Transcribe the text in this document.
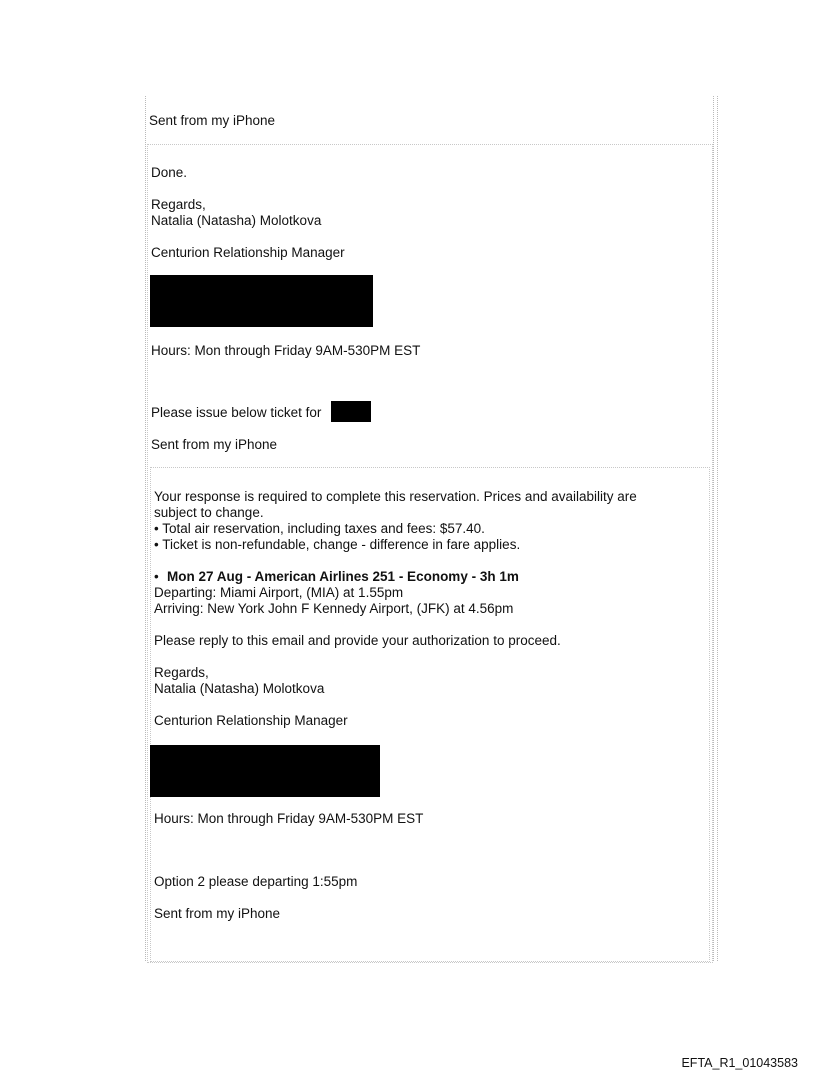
Sent from my iPhone
Done.
Regards,
Natalia (Natasha) Molotkova
Centurion Relationship Manager
Hours: Mon through Friday 9AM-530PM EST
Please issue below ticket for
Sent from my iPhone
Your response is required to complete this reservation. Prices and availability are
subject to change.
• Total air reservation, including taxes and fees: $57.40.
• Ticket is non-refundable, change - difference in fare applies.
• Mon 27 Aug - American Airlines 251 - Economy - 3h 1m
Departing: Miami Airport, (MIA) at 1.55pm
Arriving: New York John F Kennedy Airport, (JFK) at 4.56pm
Please reply to this email and provide your authorization to proceed.
Regards,
Natalia (Natasha) Molotkova
Centurion Relationship Manager
Hours: Mon through Friday 9AM-530PM EST
Option 2 please departing 1:55pm
Sent from my iPhone
EFTA_R1_01043583
